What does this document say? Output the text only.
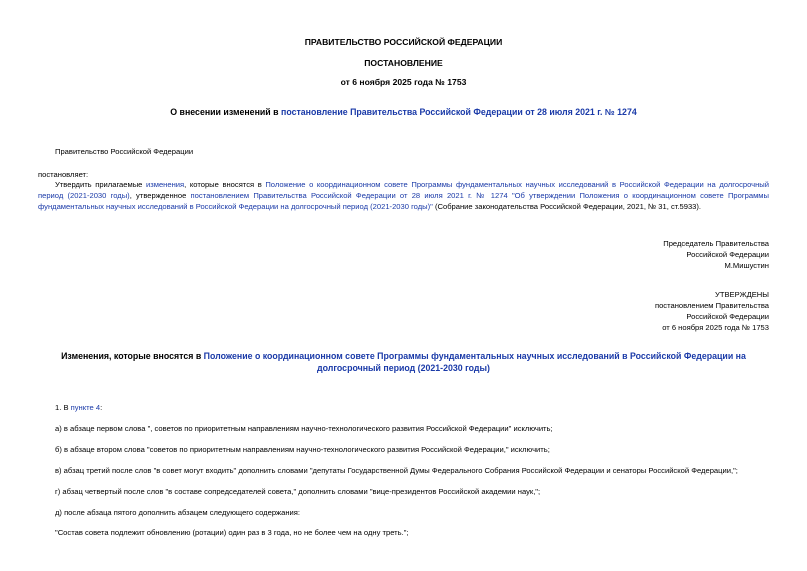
ПРАВИТЕЛЬСТВО РОССИЙСКОЙ ФЕДЕРАЦИИ
ПОСТАНОВЛЕНИЕ
от 6 ноября 2025 года № 1753
О внесении изменений в постановление Правительства Российской Федерации от 28 июля 2021 г. № 1274
Правительство Российской Федерации
постановляет:
Утвердить прилагаемые изменения, которые вносятся в Положение о координационном совете Программы фундаментальных научных исследований в Российской Федерации на долгосрочный период (2021-2030 годы), утвержденное постановлением Правительства Российской Федерации от 28 июля 2021 г. № 1274 "Об утверждении Положения о координационном совете Программы фундаментальных научных исследований в Российской Федерации на долгосрочный период (2021-2030 годы)" (Собрание законодательства Российской Федерации, 2021, № 31, ст.5933).
Председатель Правительства
Российской Федерации
М.Мишустин
УТВЕРЖДЕНЫ
постановлением Правительства
Российской Федерации
от 6 ноября 2025 года № 1753
Изменения, которые вносятся в Положение о координационном совете Программы фундаментальных научных исследований в Российской Федерации на долгосрочный период (2021-2030 годы)
1. В пункте 4:
а) в абзаце первом слова ", советов по приоритетным направлениям научно-технологического развития Российской Федерации" исключить;
б) в абзаце втором слова "советов по приоритетным направлениям научно-технологического развития Российской Федерации," исключить;
в) абзац третий после слов "в совет могут входить" дополнить словами "депутаты Государственной Думы Федерального Собрания Российской Федерации и сенаторы Российской Федерации,";
г) абзац четвертый после слов "в составе сопредседателей совета," дополнить словами "вице-президентов Российской академии наук,";
д) после абзаца пятого дополнить абзацем следующего содержания:
"Состав совета подлежит обновлению (ротации) один раз в 3 года, но не более чем на одну треть.";
